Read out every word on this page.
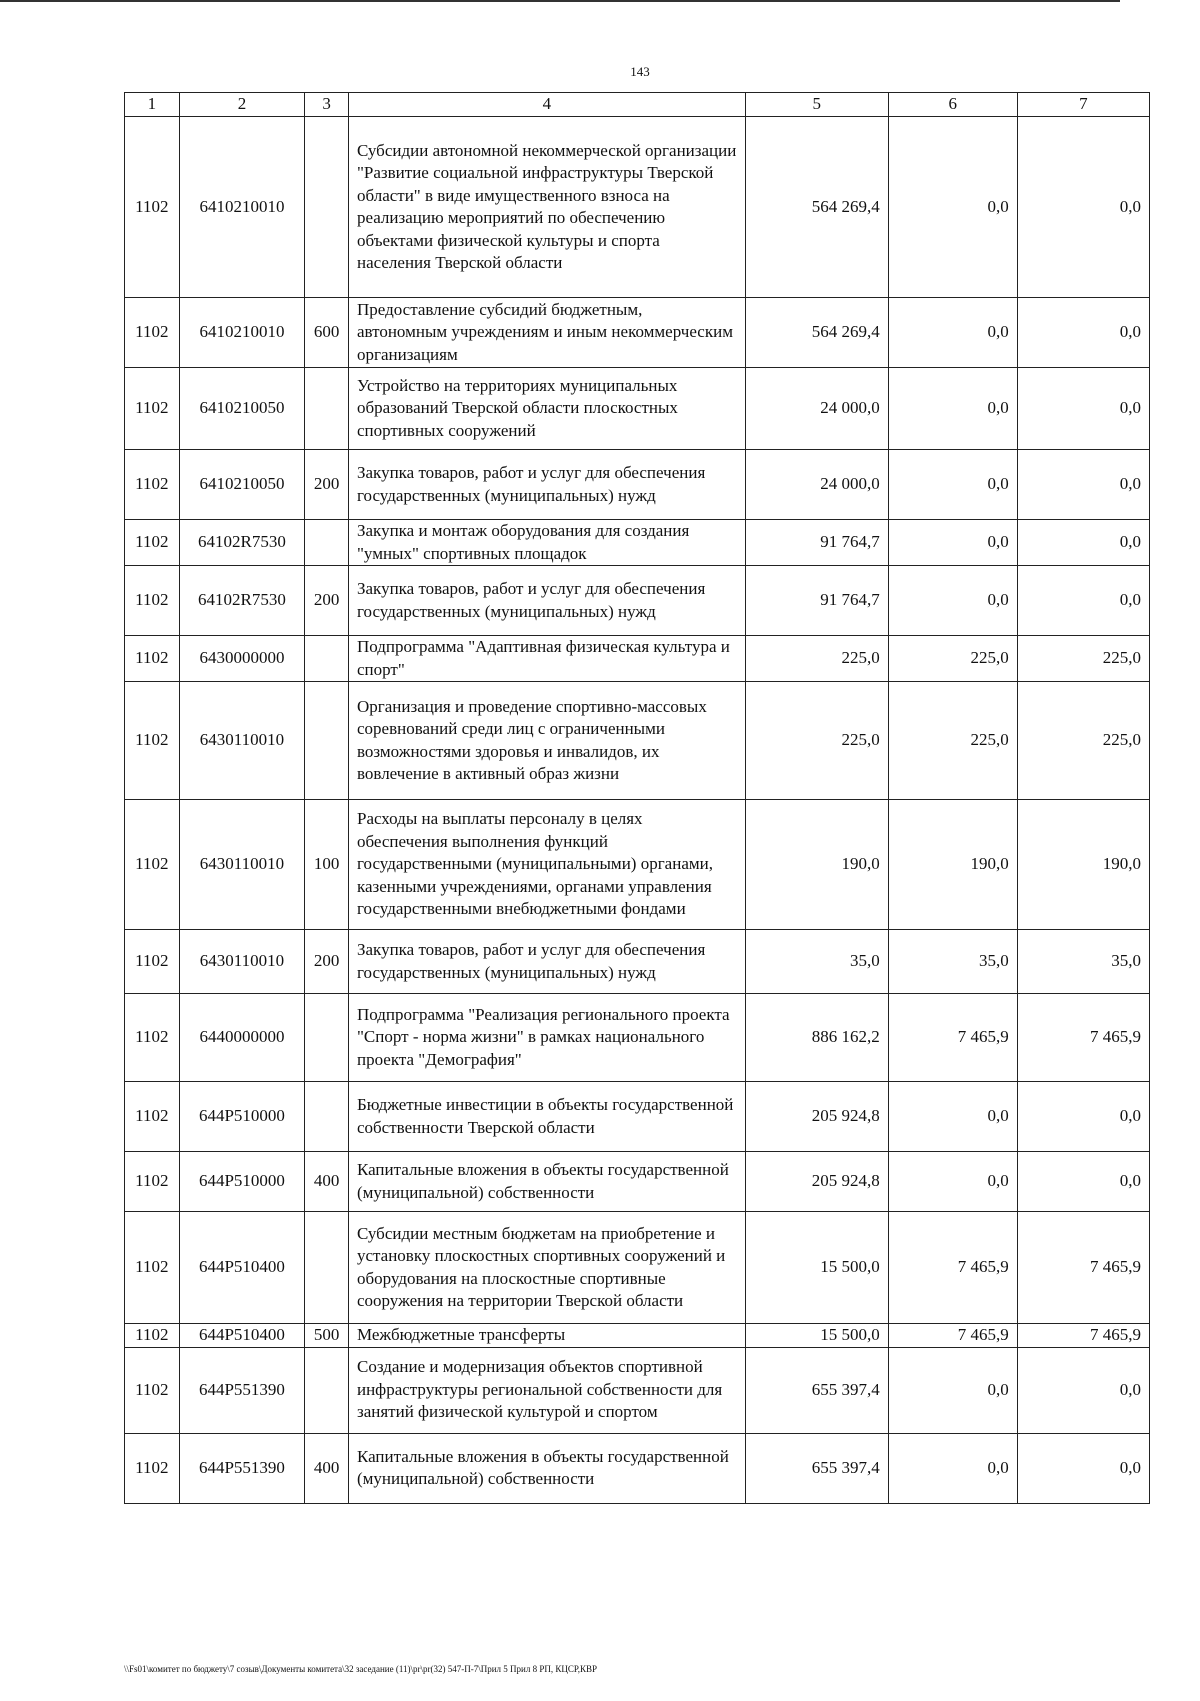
143
1	2	3	4	5	6	7
1102	6410210010		Субсидии автономной некоммерческой организации "Развитие социальной инфраструктуры Тверской области" в виде имущественного взноса на реализацию мероприятий по обеспечению объектами физической культуры и спорта населения Тверской области	564 269,4	0,0	0,0
1102	6410210010	600	Предоставление субсидий бюджетным, автономным учреждениям и иным некоммерческим организациям	564 269,4	0,0	0,0
1102	6410210050		Устройство на территориях муниципальных образований Тверской области плоскостных спортивных сооружений	24 000,0	0,0	0,0
1102	6410210050	200	Закупка товаров, работ и услуг для обеспечения государственных (муниципальных) нужд	24 000,0	0,0	0,0
1102	64102R7530		Закупка и монтаж оборудования для создания "умных" спортивных площадок	91 764,7	0,0	0,0
1102	64102R7530	200	Закупка товаров, работ и услуг для обеспечения государственных (муниципальных) нужд	91 764,7	0,0	0,0
1102	6430000000		Подпрограмма "Адаптивная физическая культура и спорт"	225,0	225,0	225,0
1102	6430110010		Организация и проведение спортивно-массовых соревнований среди лиц с ограниченными возможностями здоровья и инвалидов, их вовлечение в активный образ жизни	225,0	225,0	225,0
1102	6430110010	100	Расходы на выплаты персоналу в целях обеспечения выполнения функций государственными (муниципальными) органами, казенными учреждениями, органами управления государственными внебюджетными фондами	190,0	190,0	190,0
1102	6430110010	200	Закупка товаров, работ и услуг для обеспечения государственных (муниципальных) нужд	35,0	35,0	35,0
1102	6440000000		Подпрограмма "Реализация регионального проекта "Спорт - норма жизни" в рамках национального проекта "Демография"	886 162,2	7 465,9	7 465,9
1102	644P510000		Бюджетные инвестиции в объекты государственной собственности Тверской области	205 924,8	0,0	0,0
1102	644P510000	400	Капитальные вложения в объекты государственной (муниципальной) собственности	205 924,8	0,0	0,0
1102	644P510400		Субсидии местным бюджетам на приобретение и установку плоскостных спортивных сооружений и оборудования на плоскостные спортивные сооружения на территории Тверской области	15 500,0	7 465,9	7 465,9
1102	644P510400	500	Межбюджетные трансферты	15 500,0	7 465,9	7 465,9
1102	644P551390		Создание и модернизация объектов спортивной инфраструктуры региональной собственности для занятий физической культурой и спортом	655 397,4	0,0	0,0
1102	644P551390	400	Капитальные вложения в объекты государственной (муниципальной) собственности	655 397,4	0,0	0,0
\\Fs01\комитет по бюджету\7 созыв\Документы комитета\32 заседание (11)\pr\pr(32) 547-П-7\Прил 5 Прил 8 РП, КЦСР,КВР
